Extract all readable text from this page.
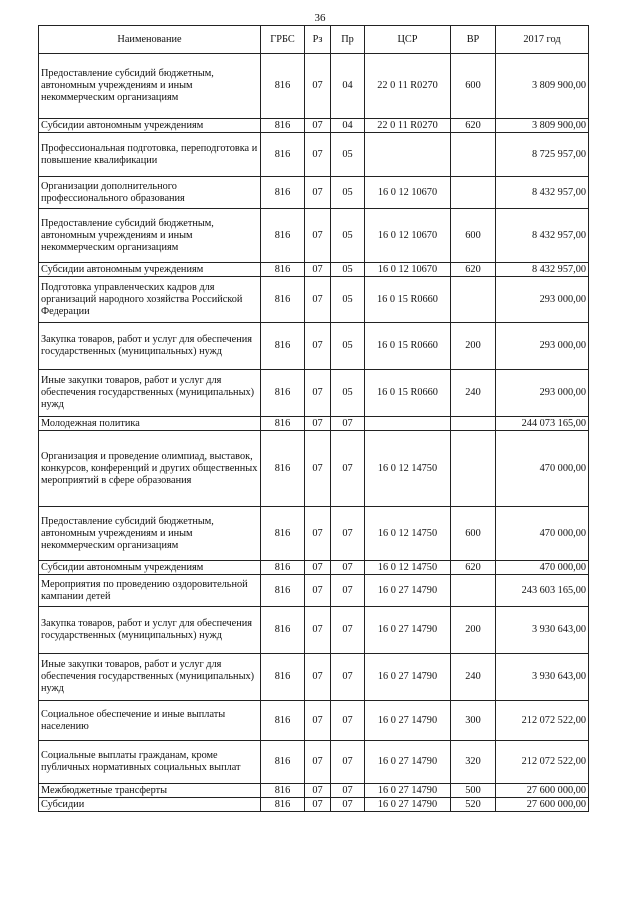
36
Наименование	ГРБС	Рз	Пр	ЦСР	ВР	2017 год
Предоставление субсидий бюджетным, автономным учреждениям и иным некоммерческим организациям	816	07	04	22 0 11 R0270	600	3 809 900,00
Субсидии автономным учреждениям	816	07	04	22 0 11 R0270	620	3 809 900,00
Профессиональная подготовка, переподготовка и повышение квалификации	816	07	05			8 725 957,00
Организации дополнительного профессионального образования	816	07	05	16 0 12 10670		8 432 957,00
Предоставление субсидий бюджетным, автономным учреждениям и иным некоммерческим организациям	816	07	05	16 0 12 10670	600	8 432 957,00
Субсидии автономным учреждениям	816	07	05	16 0 12 10670	620	8 432 957,00
Подготовка управленческих кадров для организаций народного хозяйства Российской Федерации	816	07	05	16 0 15 R0660		293 000,00
Закупка товаров, работ и услуг для обеспечения государственных (муниципальных) нужд	816	07	05	16 0 15 R0660	200	293 000,00
Иные закупки товаров, работ и услуг для обеспечения государственных (муниципальных) нужд	816	07	05	16 0 15 R0660	240	293 000,00
Молодежная политика	816	07	07			244 073 165,00
Организация и проведение олимпиад, выставок, конкурсов, конференций и других общественных мероприятий в сфере образования	816	07	07	16 0 12 14750		470 000,00
Предоставление субсидий бюджетным, автономным учреждениям и иным некоммерческим организациям	816	07	07	16 0 12 14750	600	470 000,00
Субсидии автономным учреждениям	816	07	07	16 0 12 14750	620	470 000,00
Мероприятия по проведению оздоровительной кампании детей	816	07	07	16 0 27 14790		243 603 165,00
Закупка товаров, работ и услуг для обеспечения государственных (муниципальных) нужд	816	07	07	16 0 27 14790	200	3 930 643,00
Иные закупки товаров, работ и услуг для обеспечения государственных (муниципальных) нужд	816	07	07	16 0 27 14790	240	3 930 643,00
Социальное обеспечение и иные выплаты населению	816	07	07	16 0 27 14790	300	212 072 522,00
Социальные выплаты гражданам, кроме публичных нормативных социальных выплат	816	07	07	16 0 27 14790	320	212 072 522,00
Межбюджетные трансферты	816	07	07	16 0 27 14790	500	27 600 000,00
Субсидии	816	07	07	16 0 27 14790	520	27 600 000,00
